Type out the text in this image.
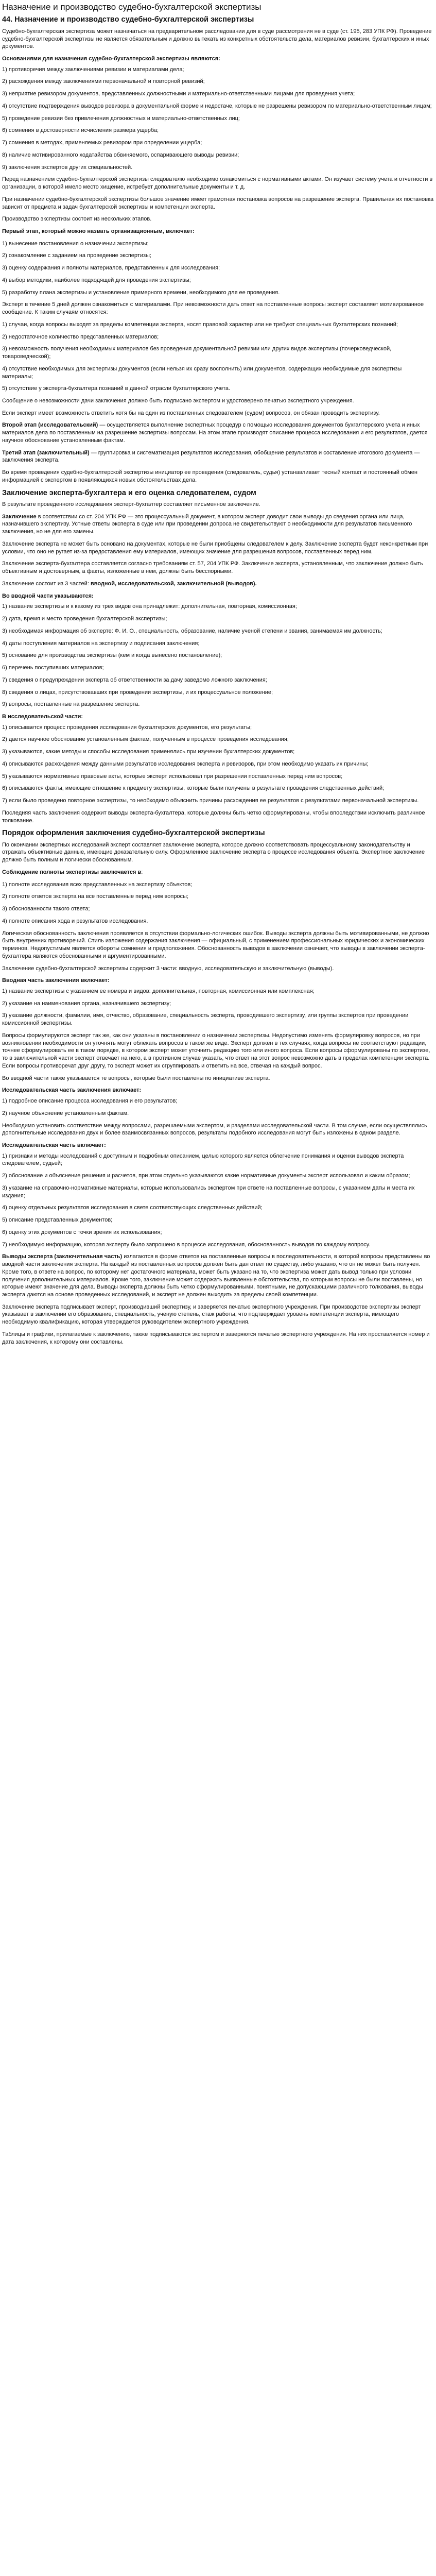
Назначение и производство судебно-бухгалтерской экспертизы
44. Назначение и производство судебно-бухгалтерской экспертизы

Судебно-бухгалтерская экспертиза может назначаться на предварительном расследовании для в суде рассмотрения не в суде (ст. 195, 283 УПК РФ). Проведение судебно-бухгалтерской экспертизы не является обязательным и должно вытекать из конкретных обстоятельств дела, материалов ревизии, бухгалтерских и иных документов.

Основаниями для назначения судебно-бухгалтерской экспертизы являются:

1) противоречия между заключениями ревизии и материалами дела;

2) расхождения между заключениями первоначальной и повторной ревизий;

3) неприятие ревизором документов, представленных должностными и материально-ответственными лицами для проведения учета;

4) отсутствие подтверждения выводов ревизора в документальной форме и недостаче, которые не разрешены ревизором по материально-ответственным лицам;

5) проведение ревизии без привлечения должностных и материально-ответственных лиц;

6) сомнения в достоверности исчисления размера ущерба;

7) сомнения в методах, применяемых ревизором при определении ущерба;

8) наличие мотивированного ходатайства обвиняемого, оспаривающего выводы ревизии;

9) заключения экспертов других специальностей.

Перед назначением судебно-бухгалтерской экспертизы следователю необходимо ознакомиться с нормативными актами. Он изучает систему учета и отчетности в организации, в которой имело место хищение, истребует дополнительные документы и т. д.

При назначении судебно-бухгалтерской экспертизы большое значение имеет грамотная постановка вопросов на разрешение эксперта. Правильная их постановка зависит от предмета и задач бухгалтерской экспертизы и компетенции эксперта.

Производство экспертизы состоит из нескольких этапов.

Первый этап, который можно назвать организационным, включает:

1) вынесение постановления о назначении экспертизы;

2) ознакомление с заданием на проведение экспертизы;

3) оценку содержания и полноты материалов, представленных для исследования;

4) выбор методики, наиболее подходящей для проведения экспертизы;

5) разработку плана экспертизы и установление примерного времени, необходимого для ее проведения.

Эксперт в течение 5 дней должен ознакомиться с материалами. При невозможности дать ответ на поставленные вопросы эксперт составляет мотивированное сообщение. К таким случаям относятся:

1) случаи, когда вопросы выходят за пределы компетенции эксперта, носят правовой характер или не требуют специальных бухгалтерских познаний;

2) недостаточное количество представленных материалов;

3) невозможность получения необходимых материалов без проведения документальной ревизии или других видов экспертизы (почерковедческой, товароведческой);

4) отсутствие необходимых для экспертизы документов (если нельзя их сразу восполнить) или документов, содержащих необходимые для экспертизы материалы;

5) отсутствие у эксперта-бухгалтера познаний в данной отрасли бухгалтерского учета.

Сообщение о невозможности дачи заключения должно быть подписано экспертом и удостоверено печатью экспертного учреждения.

Если эксперт имеет возможность ответить хотя бы на один из поставленных следователем (судом) вопросов, он обязан проводить экспертизу.

Второй этап (исследовательский) — осуществляется выполнение экспертных процедур с помощью исследования документов бухгалтерского учета и иных материалов дела по поставленным на разрешение экспертизы вопросам. На этом этапе производят описание процесса исследования и его результатов, дается научное обоснование установленным фактам.

Третий этап (заключительный) — группировка и систематизация результатов исследования, обобщение результатов и составление итогового документа — заключения эксперта.

Во время проведения судебно-бухгалтерской экспертизы инициатор ее проведения (следователь, судья) устанавливает тесный контакт и постоянный обмен информацией с экспертом в появляющихся новых обстоятельствах дела.

Заключение эксперта-бухгалтера и его оценка следователем, судом

В результате проведенного исследования эксперт-бухгалтер составляет письменное заключение.

Заключение в соответствии со ст. 204 УПК РФ — это процессуальный документ, в котором эксперт доводит свои выводы до сведения органа или лица, назначившего экспертизу. Устные ответы эксперта в суде или при проведении допроса не свидетельствуют о необходимости для результатов письменного заключения, но не для его замены.

Заключение эксперта не может быть основано на документах, которые не были приобщены следователем к делу. Заключение эксперта будет неконкретным при условии, что оно не ругает из-за предоставления ему материалов, имеющих значение для разрешения вопросов, поставленных перед ним.

Заключение эксперта-бухгалтера составляется согласно требованиям ст. 57, 204 УПК РФ. Заключение эксперта, установленным, что заключение должно быть объективным и достоверным, а факты, изложенные в нем, должны быть бесспорными.

Заключение состоит из 3 частей: вводной, исследовательской, заключительной (выводов).

Во вводной части указываются:

1) название экспертизы и к какому из трех видов она принадлежит: дополнительная, повторная, комиссионная;

2) дата, время и место проведения бухгалтерской экспертизы;

3) необходимая информация об эксперте: Ф. И. О., специальность, образование, наличие ученой степени и звания, занимаемая им должность;

4) даты поступления материалов на экспертизу и подписания заключения;

5) основание для производства экспертизы (кем и когда вынесено постановление);

6) перечень поступивших материалов;

7) сведения о предупреждении эксперта об ответственности за дачу заведомо ложного заключения;

8) сведения о лицах, присутствовавших при проведении экспертизы, и их процессуальное положение;

9) вопросы, поставленные на разрешение эксперта.

В исследовательской части:

1) описывается процесс проведения исследования бухгалтерских документов, его результаты;

2) дается научное обоснование установленным фактам, полученным в процессе проведения исследования;

3) указываются, какие методы и способы исследования применялись при изучении бухгалтерских документов;

4) описываются расхождения между данными результатов исследования эксперта и ревизоров, при этом необходимо указать их причины;

5) указываются нормативные правовые акты, которые эксперт использовал при разрешении поставленных перед ним вопросов;

6) описываются факты, имеющие отношение к предмету экспертизы, которые были получены в результате проведения следственных действий;

7) если было проведено повторное экспертизы, то необходимо объяснить причины расхождения ее результатов с результатами первоначальной экспертизы.

Последняя часть заключения содержит выводы эксперта-бухгалтера, которые должны быть четко сформулированы, чтобы впоследствии исключить различное толкование.

Порядок оформления заключения судебно-бухгалтерской экспертизы

По окончании экспертных исследований эксперт составляет заключение эксперта, которое должно соответствовать процессуальному законодательству и отражать объективные данные, имеющие доказательную силу. Оформленное заключение эксперта о процессе исследования объекта. Экспертное заключение должно быть полным и логически обоснованным.

Соблюдение полноты экспертизы заключается в:

1) полноте исследования всех представленных на экспертизу объектов;

2) полноте ответов эксперта на все поставленные перед ним вопросы;

3) обоснованности такого ответа;

4) полноте описания хода и результатов исследования.

Логическая обоснованность заключения проявляется в отсутствии формально-логических ошибок. Выводы эксперта должны быть мотивированными, не должно быть внутренних противоречий. Стиль изложения содержания заключения — официальный, с применением профессиональных юридических и экономических терминов. Недопустимым является обороты сомнения и предположения. Обоснованность выводов в заключении означает, что выводы в заключении эксперта-бухгалтера являются обоснованными и аргументированными.

Заключение судебно-бухгалтерской экспертизы содержит 3 части: вводную, исследовательскую и заключительную (выводы).

Вводная часть заключения включает:

1) название экспертизы с указанием ее номера и видов: дополнительная, повторная, комиссионная или комплексная;

2) указание на наименования органа, назначившего экспертизу;

3) указание должности, фамилии, имя, отчество, образование, специальность эксперта, проводившего экспертизу, или группы экспертов при проведении комиссионной экспертизы.

Вопросы формулируются эксперт так же, как они указаны в постановлении о назначении экспертизы. Недопустимо изменять формулировку вопросов, но при возникновении необходимости он уточнять могут облекать вопросов в таком же виде. Эксперт должен в тех случаях, когда вопросы не соответствуют редакции, точнее сформулировать ее в таком порядке, в котором эксперт может уточнить редакцию того или иного вопроса. Если вопросы сформулированы по экспертизе, то в заключительной части эксперт отвечает на него, а в противном случае указать, что ответ на этот вопрос невозможно дать в пределах компетенции эксперта. Если вопросы противоречат друг другу, то эксперт может их сгруппировать и ответить на все, отвечая на каждый вопрос.

Во вводной части также указывается те вопросы, которые были поставлены по инициативе эксперта.

Исследовательская часть заключения включает:

1) подробное описание процесса исследования и его результатов;

2) научное объяснение установленным фактам.

Необходимо установить соответствие между вопросами, разрешаемыми экспертом, и разделами исследовательской части. В том случае, если осуществлялись дополнительные исследования двух и более взаимосвязанных вопросов, результаты подобного исследования могут быть изложены в одном разделе.

Исследовательская часть включает:

1) признаки и методы исследований с доступным и подробным описанием, целью которого является облегчение понимания и оценки выводов эксперта следователем, судьей;

2) обоснование и объяснение решения и расчетов, при этом отдельно указываются какие нормативные документы эксперт использовал и каким образом;

3) указание на справочно-нормативные материалы, которые использовались экспертом при ответе на поставленные вопросы, с указанием даты и места их издания;

4) оценку отдельных результатов исследования в свете соответствующих следственных действий;

5) описание представленных документов;

6) оценку этих документов с точки зрения их использования;

7) необходимую информацию, которая эксперту было запрошено в процессе исследования, обоснованность выводов по каждому вопросу.

Выводы эксперта (заключительная часть) излагаются в форме ответов на поставленные вопросы в последовательности, в которой вопросы представлены во вводной части заключения эксперта. На каждый из поставленных вопросов должен быть дан ответ по существу, либо указано, что он не может быть получен. Кроме того, в ответе на вопрос, по которому нет достаточного материала, может быть указано на то, что экспертиза может дать вывод только при условии получения дополнительных материалов. Кроме того, заключение может содержать выявленные обстоятельства, по которым вопросы не были поставлены, но которые имеют значение для дела. Выводы эксперта должны быть четко сформулированными, понятными, не допускающими различного толкования, выводы эксперта даются на основе проведенных исследований, и эксперт не должен выходить за пределы своей компетенции.

Заключение эксперта подписывает эксперт, производивший экспертизу, и заверяется печатью экспертного учреждения. При производстве экспертизы эксперт указывает в заключении его образование, специальность, ученую степень, стаж работы, что подтверждает уровень компетенции эксперта, имеющего необходимую квалификацию, которая утверждается руководителем экспертного учреждения.

Таблицы и графики, прилагаемые к заключению, также подписываются экспертом и заверяются печатью экспертного учреждения. На них проставляется номер и дата заключения, к которому они составлены.
